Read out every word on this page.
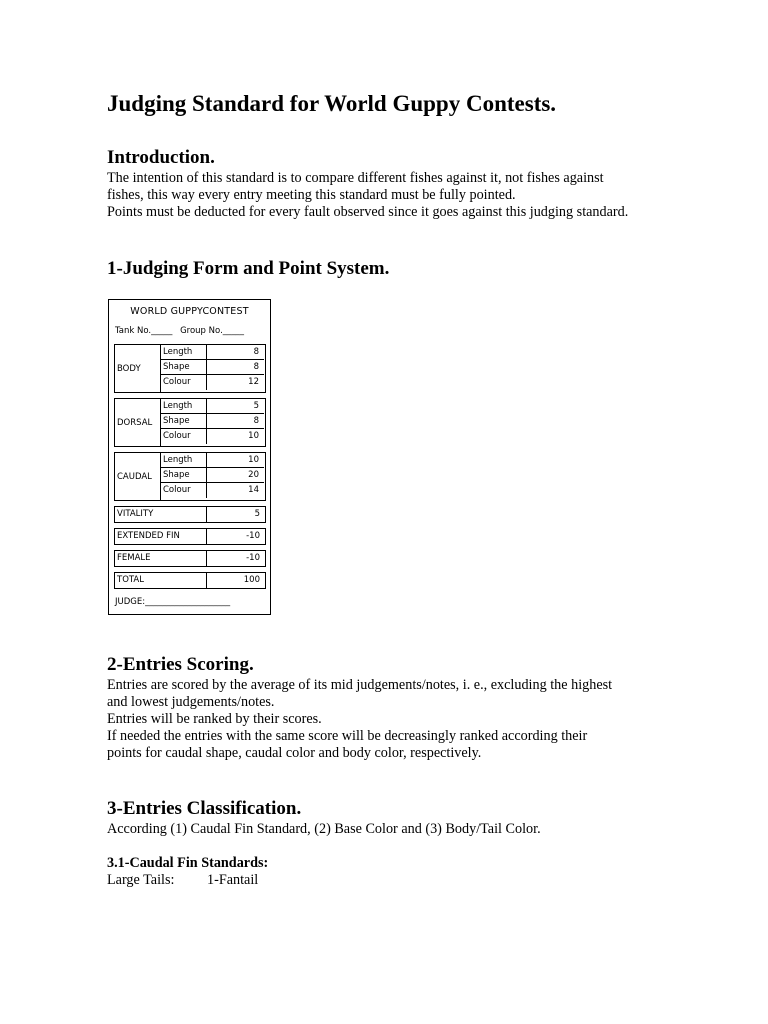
Judging Standard for World Guppy Contests.
Introduction.
The intention of this standard is to compare different fishes against it, not fishes against
fishes, this way every entry meeting this standard must be fully pointed.
Points must be deducted for every fault observed since it goes against this judging standard.
1-Judging Form and Point System.
WORLD GUPPYCONTEST
Tank No._____ Group No._____
BODY
Length	8
Shape	8
Colour	12
DORSAL
Length	5
Shape	8
Colour	10
CAUDAL
Length	10
Shape	20
Colour	14
VITALITY	5
EXTENDED FIN	-10
FEMALE	-10
TOTAL	100
JUDGE:____________________
2-Entries Scoring.
Entries are scored by the average of its mid judgements/notes, i. e., excluding the highest
and lowest judgements/notes.
Entries will be ranked by their scores.
If needed the entries with the same score will be decreasingly ranked according their
points for caudal shape, caudal color and body color, respectively.
3-Entries Classification.
According (1) Caudal Fin Standard, (2) Base Color and (3) Body/Tail Color.
3.1-Caudal Fin Standards:
Large Tails: 1-Fantail
